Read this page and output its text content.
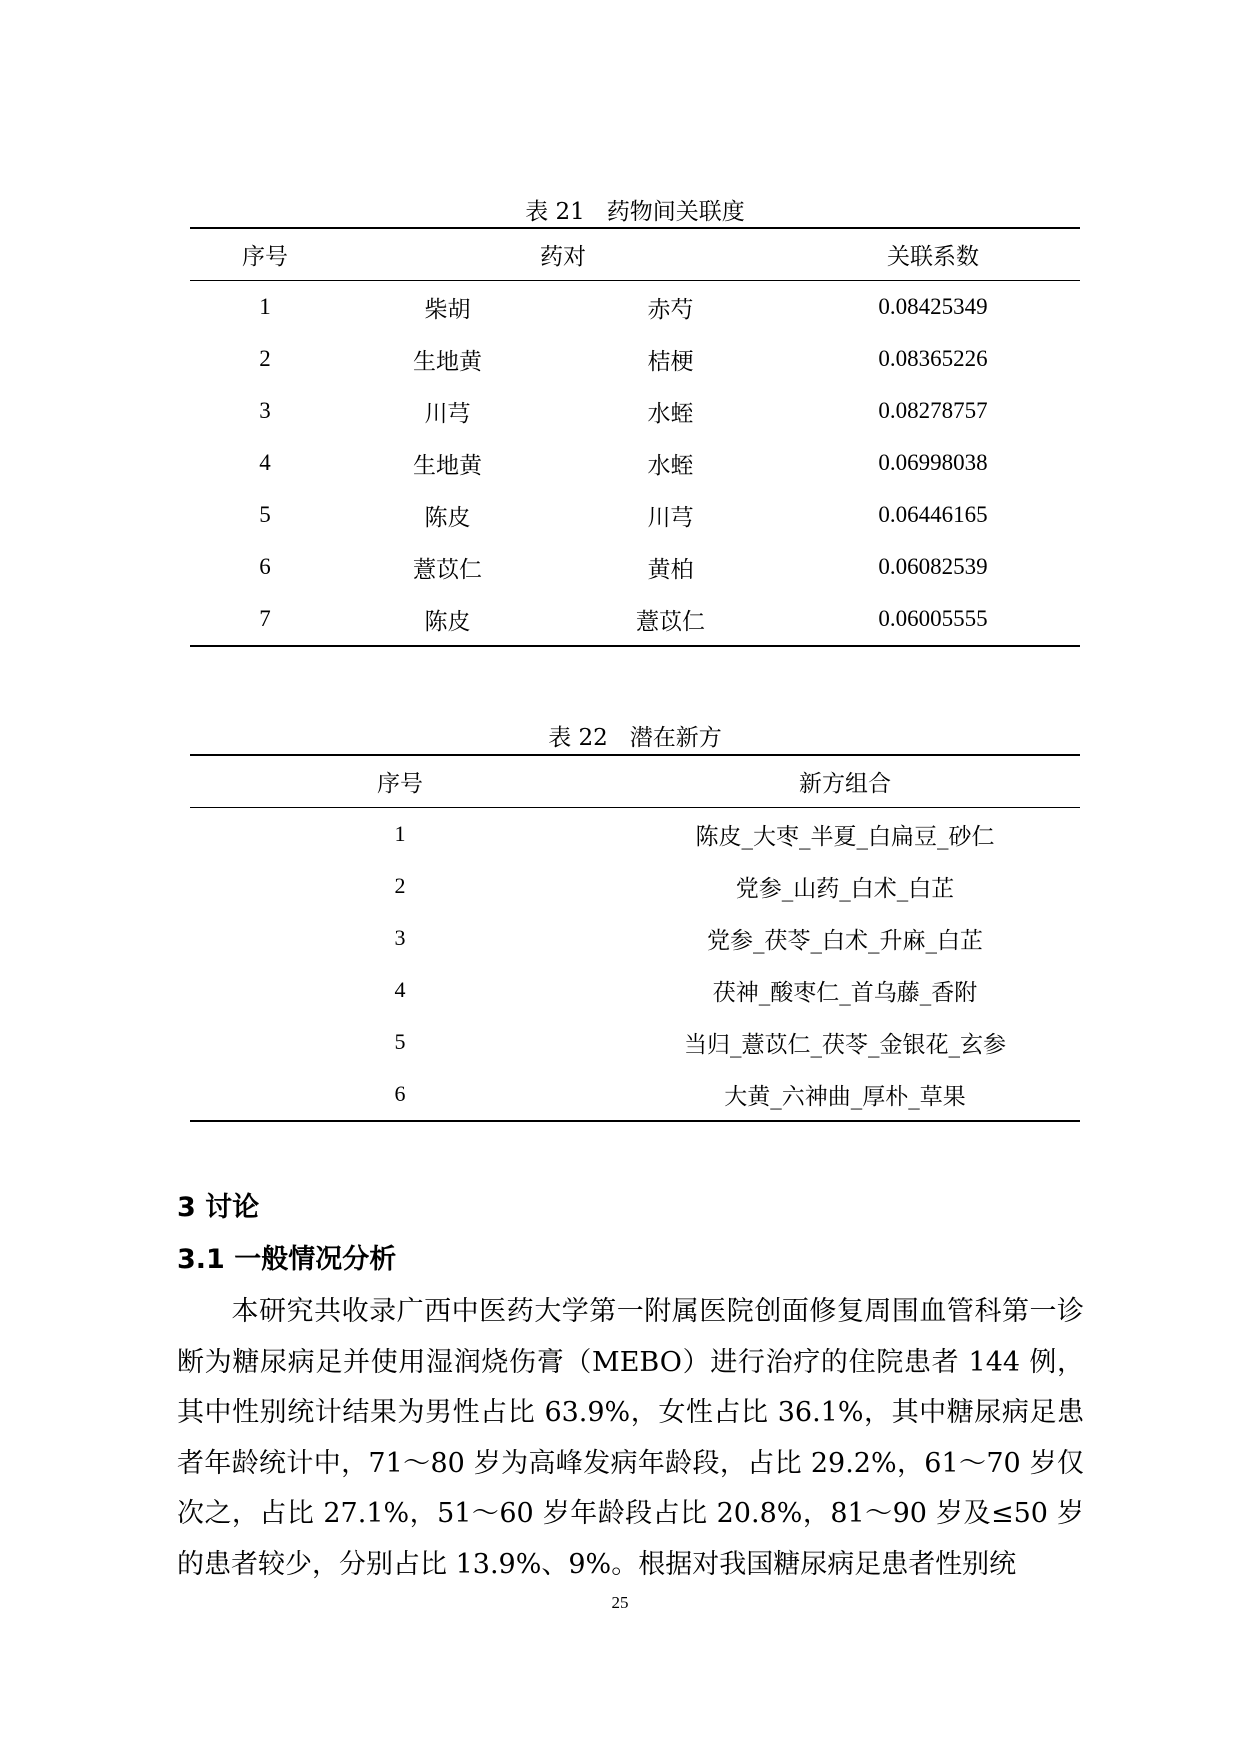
表 21   药物间关联度
序号	药对		关联系数
1	柴胡	赤芍	0.08425349
2	生地黄	桔梗	0.08365226
3	川芎	水蛭	0.08278757
4	生地黄	水蛭	0.06998038
5	陈皮	川芎	0.06446165
6	薏苡仁	黄柏	0.06082539
7	陈皮	薏苡仁	0.06005555
表 22   潜在新方
序号	新方组合
1	陈皮_大枣_半夏_白扁豆_砂仁
2	党参_山药_白术_白芷
3	党参_茯苓_白术_升麻_白芷
4	茯神_酸枣仁_首乌藤_香附
5	当归_薏苡仁_茯苓_金银花_玄参
6	大黄_六神曲_厚朴_草果
3 讨论
3.1 一般情况分析

本研究共收录广西中医药大学第一附属医院创面修复周围血管科第一诊断为糖尿病足并使用湿润烧伤膏（MEBO）进行治疗的住院患者 144 例，其中性别统计结果为男性占比 63.9%，女性占比 36.1%，其中糖尿病足患者年龄统计中，71～80 岁为高峰发病年龄段，占比 29.2%，61～70 岁仅次之，占比 27.1%，51～60 岁年龄段占比 20.8%，81～90 岁及≤50 岁的患者较少，分别占比 13.9%、9%。根据对我国糖尿病足患者性别统

25
